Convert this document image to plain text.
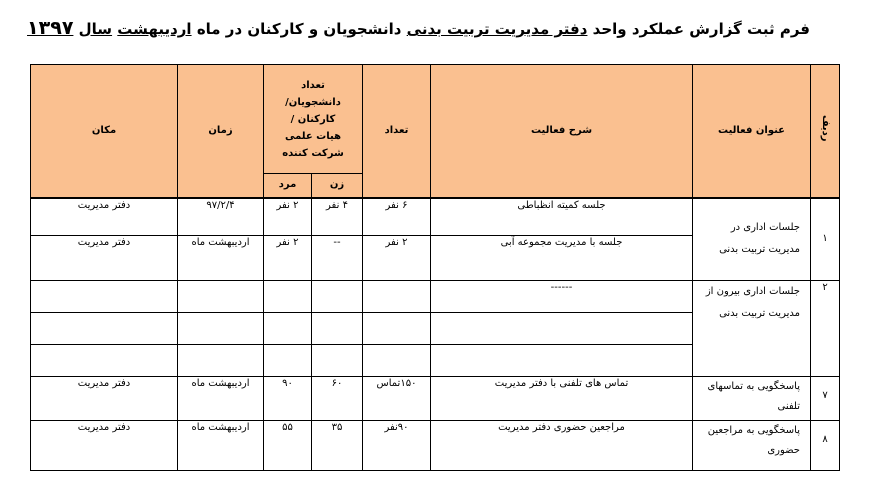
فرم ثبت گزارش عملکرد واحد دفتر مدیریت تربیت بدنی دانشجویان و کارکنان در ماه اردیبهشت سال ۱۳۹۷
ردیف	عنوان فعالیت	شرح فعالیت	تعداد	تعداد دانشجویان/ کارکنان /هیات علمی شرکت کننده		زمان	مکان
				زن	مرد		
۱	جلسات اداری در مدیریت تربیت بدنی	جلسه کمیته انظباطی	۶ نفر	۴ نفر	۲ نفر	۹۷/۲/۴	دفتر مدیریت
		جلسه با مدیریت مجموعه آبی	۲ نفر	--	۲ نفر	اردیبهشت ماه	دفتر مدیریت
۲	جلسات اداری بیرون از مدیریت تربیت بدنی	------					

۷	پاسخگویی به تماسهای تلفنی	تماس های تلفنی با دفتر مدیریت	۱۵۰تماس	۶۰	۹۰	اردیبهشت ماه	دفتر مدیریت
۸	پاسخگویی به مراجعین حضوری	مراجعین حضوری دفتر مدیریت	۹۰نفر	۳۵	۵۵	اردیبهشت ماه	دفتر مدیریت
